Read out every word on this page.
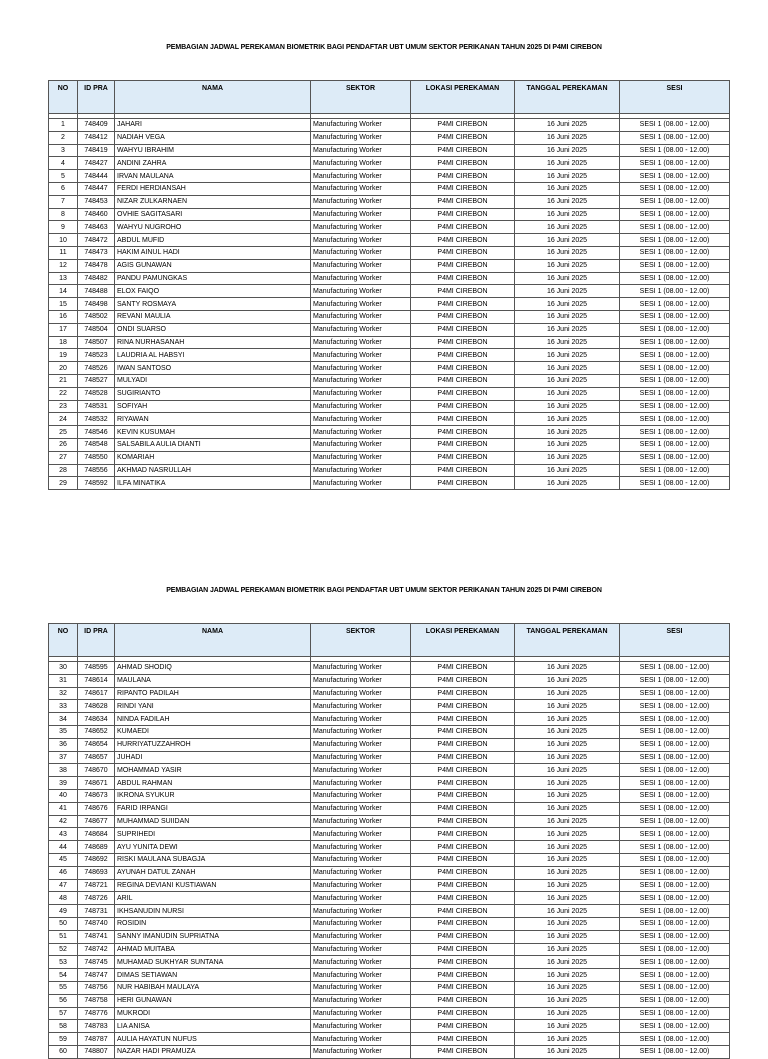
PEMBAGIAN JADWAL PEREKAMAN BIOMETRIK BAGI PENDAFTAR UBT UMUM SEKTOR PERIKANAN TAHUN 2025 DI P4MI CIREBON
NO	ID PRA	NAMA	SEKTOR	LOKASI PEREKAMAN	TANGGAL PEREKAMAN	SESI

1	748409	JAHARI	Manufacturing Worker	P4MI CIREBON	16 Juni 2025	SESI 1 (08.00 - 12.00)
2	748412	NADIAH VEGA	Manufacturing Worker	P4MI CIREBON	16 Juni 2025	SESI 1 (08.00 - 12.00)
3	748419	WAHYU IBRAHIM	Manufacturing Worker	P4MI CIREBON	16 Juni 2025	SESI 1 (08.00 - 12.00)
4	748427	ANDINI ZAHRA	Manufacturing Worker	P4MI CIREBON	16 Juni 2025	SESI 1 (08.00 - 12.00)
5	748444	IRVAN MAULANA	Manufacturing Worker	P4MI CIREBON	16 Juni 2025	SESI 1 (08.00 - 12.00)
6	748447	FERDI HERDIANSAH	Manufacturing Worker	P4MI CIREBON	16 Juni 2025	SESI 1 (08.00 - 12.00)
7	748453	NIZAR ZULKARNAEN	Manufacturing Worker	P4MI CIREBON	16 Juni 2025	SESI 1 (08.00 - 12.00)
8	748460	OVHIE SAGITASARI	Manufacturing Worker	P4MI CIREBON	16 Juni 2025	SESI 1 (08.00 - 12.00)
9	748463	WAHYU NUGROHO	Manufacturing Worker	P4MI CIREBON	16 Juni 2025	SESI 1 (08.00 - 12.00)
10	748472	ABDUL MUFID	Manufacturing Worker	P4MI CIREBON	16 Juni 2025	SESI 1 (08.00 - 12.00)
11	748473	HAKIM AINUL HADI	Manufacturing Worker	P4MI CIREBON	16 Juni 2025	SESI 1 (08.00 - 12.00)
12	748478	AGIS GUNAWAN	Manufacturing Worker	P4MI CIREBON	16 Juni 2025	SESI 1 (08.00 - 12.00)
13	748482	PANDU PAMUNGKAS	Manufacturing Worker	P4MI CIREBON	16 Juni 2025	SESI 1 (08.00 - 12.00)
14	748488	ELOX FAIQO	Manufacturing Worker	P4MI CIREBON	16 Juni 2025	SESI 1 (08.00 - 12.00)
15	748498	SANTY ROSMAYA	Manufacturing Worker	P4MI CIREBON	16 Juni 2025	SESI 1 (08.00 - 12.00)
16	748502	REVANI MAULIA	Manufacturing Worker	P4MI CIREBON	16 Juni 2025	SESI 1 (08.00 - 12.00)
17	748504	ONDI SUARSO	Manufacturing Worker	P4MI CIREBON	16 Juni 2025	SESI 1 (08.00 - 12.00)
18	748507	RINA NURHASANAH	Manufacturing Worker	P4MI CIREBON	16 Juni 2025	SESI 1 (08.00 - 12.00)
19	748523	LAUDRIA AL HABSYI	Manufacturing Worker	P4MI CIREBON	16 Juni 2025	SESI 1 (08.00 - 12.00)
20	748526	IWAN SANTOSO	Manufacturing Worker	P4MI CIREBON	16 Juni 2025	SESI 1 (08.00 - 12.00)
21	748527	MULYADI	Manufacturing Worker	P4MI CIREBON	16 Juni 2025	SESI 1 (08.00 - 12.00)
22	748528	SUGIRIANTO	Manufacturing Worker	P4MI CIREBON	16 Juni 2025	SESI 1 (08.00 - 12.00)
23	748531	SOFIYAH	Manufacturing Worker	P4MI CIREBON	16 Juni 2025	SESI 1 (08.00 - 12.00)
24	748532	RIYAWAN	Manufacturing Worker	P4MI CIREBON	16 Juni 2025	SESI 1 (08.00 - 12.00)
25	748546	KEVIN KUSUMAH	Manufacturing Worker	P4MI CIREBON	16 Juni 2025	SESI 1 (08.00 - 12.00)
26	748548	SALSABILA AULIA DIANTI	Manufacturing Worker	P4MI CIREBON	16 Juni 2025	SESI 1 (08.00 - 12.00)
27	748550	KOMARIAH	Manufacturing Worker	P4MI CIREBON	16 Juni 2025	SESI 1 (08.00 - 12.00)
28	748556	AKHMAD NASRULLAH	Manufacturing Worker	P4MI CIREBON	16 Juni 2025	SESI 1 (08.00 - 12.00)
29	748592	ILFA MINATIKA	Manufacturing Worker	P4MI CIREBON	16 Juni 2025	SESI 1 (08.00 - 12.00)
PEMBAGIAN JADWAL PEREKAMAN BIOMETRIK BAGI PENDAFTAR UBT UMUM SEKTOR PERIKANAN TAHUN 2025 DI P4MI CIREBON
NO	ID PRA	NAMA	SEKTOR	LOKASI PEREKAMAN	TANGGAL PEREKAMAN	SESI

30	748595	AHMAD SHODIQ	Manufacturing Worker	P4MI CIREBON	16 Juni 2025	SESI 1 (08.00 - 12.00)
31	748614	MAULANA	Manufacturing Worker	P4MI CIREBON	16 Juni 2025	SESI 1 (08.00 - 12.00)
32	748617	RIPANTO PADILAH	Manufacturing Worker	P4MI CIREBON	16 Juni 2025	SESI 1 (08.00 - 12.00)
33	748628	RINDI YANI	Manufacturing Worker	P4MI CIREBON	16 Juni 2025	SESI 1 (08.00 - 12.00)
34	748634	NINDA FADILAH	Manufacturing Worker	P4MI CIREBON	16 Juni 2025	SESI 1 (08.00 - 12.00)
35	748652	KUMAEDI	Manufacturing Worker	P4MI CIREBON	16 Juni 2025	SESI 1 (08.00 - 12.00)
36	748654	HURRIYATUZZAHROH	Manufacturing Worker	P4MI CIREBON	16 Juni 2025	SESI 1 (08.00 - 12.00)
37	748657	JUHADI	Manufacturing Worker	P4MI CIREBON	16 Juni 2025	SESI 1 (08.00 - 12.00)
38	748670	MOHAMMAD YASIR	Manufacturing Worker	P4MI CIREBON	16 Juni 2025	SESI 1 (08.00 - 12.00)
39	748671	ABDUL RAHMAN	Manufacturing Worker	P4MI CIREBON	16 Juni 2025	SESI 1 (08.00 - 12.00)
40	748673	IKRONA SYUKUR	Manufacturing Worker	P4MI CIREBON	16 Juni 2025	SESI 1 (08.00 - 12.00)
41	748676	FARID IRPANGI	Manufacturing Worker	P4MI CIREBON	16 Juni 2025	SESI 1 (08.00 - 12.00)
42	748677	MUHAMMAD SUIIDAN	Manufacturing Worker	P4MI CIREBON	16 Juni 2025	SESI 1 (08.00 - 12.00)
43	748684	SUPRIHEDI	Manufacturing Worker	P4MI CIREBON	16 Juni 2025	SESI 1 (08.00 - 12.00)
44	748689	AYU YUNITA DEWI	Manufacturing Worker	P4MI CIREBON	16 Juni 2025	SESI 1 (08.00 - 12.00)
45	748692	RISKI MAULANA SUBAGJA	Manufacturing Worker	P4MI CIREBON	16 Juni 2025	SESI 1 (08.00 - 12.00)
46	748693	AYUNAH DATUL ZANAH	Manufacturing Worker	P4MI CIREBON	16 Juni 2025	SESI 1 (08.00 - 12.00)
47	748721	REGINA DEVIANI KUSTIAWAN	Manufacturing Worker	P4MI CIREBON	16 Juni 2025	SESI 1 (08.00 - 12.00)
48	748726	ARIL	Manufacturing Worker	P4MI CIREBON	16 Juni 2025	SESI 1 (08.00 - 12.00)
49	748731	IKHSANUDIN NURSI	Manufacturing Worker	P4MI CIREBON	16 Juni 2025	SESI 1 (08.00 - 12.00)
50	748740	ROSIDIN	Manufacturing Worker	P4MI CIREBON	16 Juni 2025	SESI 1 (08.00 - 12.00)
51	748741	SANNY IMANUDIN SUPRIATNA	Manufacturing Worker	P4MI CIREBON	16 Juni 2025	SESI 1 (08.00 - 12.00)
52	748742	AHMAD MUITABA	Manufacturing Worker	P4MI CIREBON	16 Juni 2025	SESI 1 (08.00 - 12.00)
53	748745	MUHAMAD SUKHYAR SUNTANA	Manufacturing Worker	P4MI CIREBON	16 Juni 2025	SESI 1 (08.00 - 12.00)
54	748747	DIMAS SETIAWAN	Manufacturing Worker	P4MI CIREBON	16 Juni 2025	SESI 1 (08.00 - 12.00)
55	748756	NUR HABIBAH MAULAYA	Manufacturing Worker	P4MI CIREBON	16 Juni 2025	SESI 1 (08.00 - 12.00)
56	748758	HERI GUNAWAN	Manufacturing Worker	P4MI CIREBON	16 Juni 2025	SESI 1 (08.00 - 12.00)
57	748776	MUKRODI	Manufacturing Worker	P4MI CIREBON	16 Juni 2025	SESI 1 (08.00 - 12.00)
58	748783	LIA ANISA	Manufacturing Worker	P4MI CIREBON	16 Juni 2025	SESI 1 (08.00 - 12.00)
59	748787	AULIA HAYATUN NUFUS	Manufacturing Worker	P4MI CIREBON	16 Juni 2025	SESI 1 (08.00 - 12.00)
60	748807	NAZAR HADI PRAMUZA	Manufacturing Worker	P4MI CIREBON	16 Juni 2025	SESI 1 (08.00 - 12.00)
